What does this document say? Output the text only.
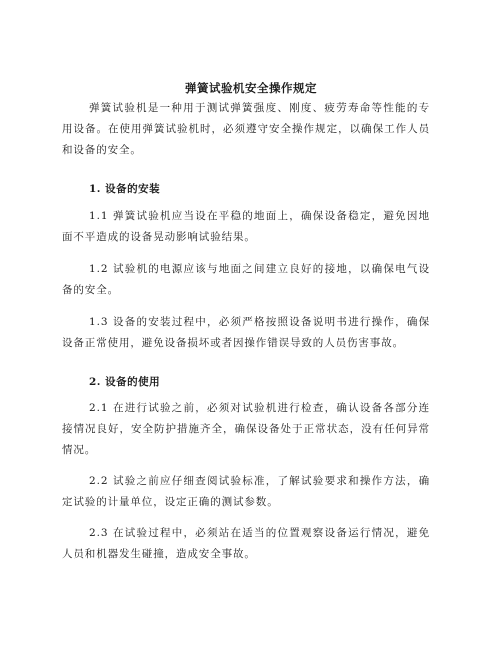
弹簧试验机安全操作规定
弹簧试验机是一种用于测试弹簧强度、刚度、疲劳寿命等性能的专用设备。在使用弹簧试验机时，必须遵守安全操作规定，以确保工作人员和设备的安全。
1. 设备的安装
1.1 弹簧试验机应当设在平稳的地面上，确保设备稳定，避免因地面不平造成的设备晃动影响试验结果。
1.2 试验机的电源应该与地面之间建立良好的接地，以确保电气设备的安全。
1.3 设备的安装过程中，必须严格按照设备说明书进行操作，确保设备正常使用，避免设备损坏或者因操作错误导致的人员伤害事故。
2. 设备的使用
2.1 在进行试验之前，必须对试验机进行检查，确认设备各部分连接情况良好，安全防护措施齐全，确保设备处于正常状态，没有任何异常情况。
2.2 试验之前应仔细查阅试验标准，了解试验要求和操作方法，确定试验的计量单位，设定正确的测试参数。
2.3 在试验过程中，必须站在适当的位置观察设备运行情况，避免人员和机器发生碰撞，造成安全事故。
